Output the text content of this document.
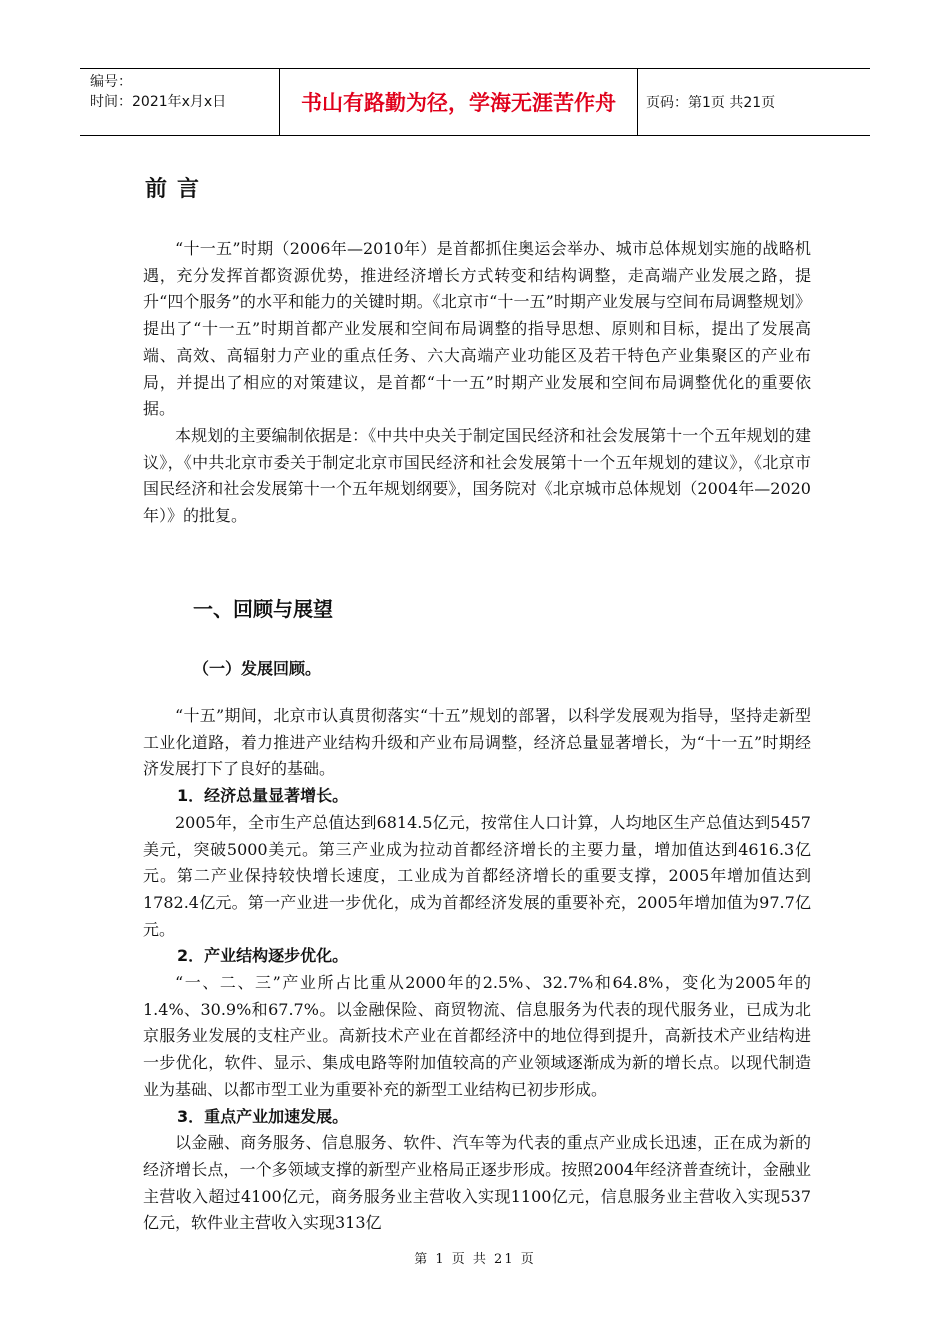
编号：
时间：2021年x月x日	书山有路勤为径，学海无涯苦作舟	页码：第1页 共21页
前言

“十一五”时期（2006年—2010年）是首都抓住奥运会举办、城市总体规划实施的战略机遇，充分发挥首都资源优势，推进经济增长方式转变和结构调整，走高端产业发展之路，提升“四个服务”的水平和能力的关键时期。《北京市“十一五”时期产业发展与空间布局调整规划》提出了“十一五”时期首都产业发展和空间布局调整的指导思想、原则和目标，提出了发展高端、高效、高辐射力产业的重点任务、六大高端产业功能区及若干特色产业集聚区的产业布局，并提出了相应的对策建议，是首都“十一五”时期产业发展和空间布局调整优化的重要依据。

本规划的主要编制依据是：《中共中央关于制定国民经济和社会发展第十一个五年规划的建议》，《中共北京市委关于制定北京市国民经济和社会发展第十一个五年规划的建议》，《北京市国民经济和社会发展第十一个五年规划纲要》，国务院对《北京城市总体规划（2004年—2020年）》的批复。

一、回顾与展望
（一）发展回顾。

“十五”期间，北京市认真贯彻落实“十五”规划的部署，以科学发展观为指导，坚持走新型工业化道路，着力推进产业结构升级和产业布局调整，经济总量显著增长，为“十一五”时期经济发展打下了良好的基础。

1．经济总量显著增长。

2005年，全市生产总值达到6814.5亿元，按常住人口计算，人均地区生产总值达到5457美元，突破5000美元。第三产业成为拉动首都经济增长的主要力量，增加值达到4616.3亿元。第二产业保持较快增长速度，工业成为首都经济增长的重要支撑，2005年增加值达到1782.4亿元。第一产业进一步优化，成为首都经济发展的重要补充，2005年增加值为97.7亿元。

2．产业结构逐步优化。

“一、二、三”产业所占比重从2000年的2.5%、32.7%和64.8%，变化为2005年的1.4%、30.9%和67.7%。以金融保险、商贸物流、信息服务为代表的现代服务业，已成为北京服务业发展的支柱产业。高新技术产业在首都经济中的地位得到提升，高新技术产业结构进一步优化，软件、显示、集成电路等附加值较高的产业领域逐渐成为新的增长点。以现代制造业为基础、以都市型工业为重要补充的新型工业结构已初步形成。

3．重点产业加速发展。

以金融、商务服务、信息服务、软件、汽车等为代表的重点产业成长迅速，正在成为新的经济增长点，一个多领域支撑的新型产业格局正逐步形成。按照2004年经济普查统计，金融业主营收入超过4100亿元，商务服务业主营收入实现1100亿元，信息服务业主营收入实现537亿元，软件业主营收入实现313亿

第 1 页 共 21 页
